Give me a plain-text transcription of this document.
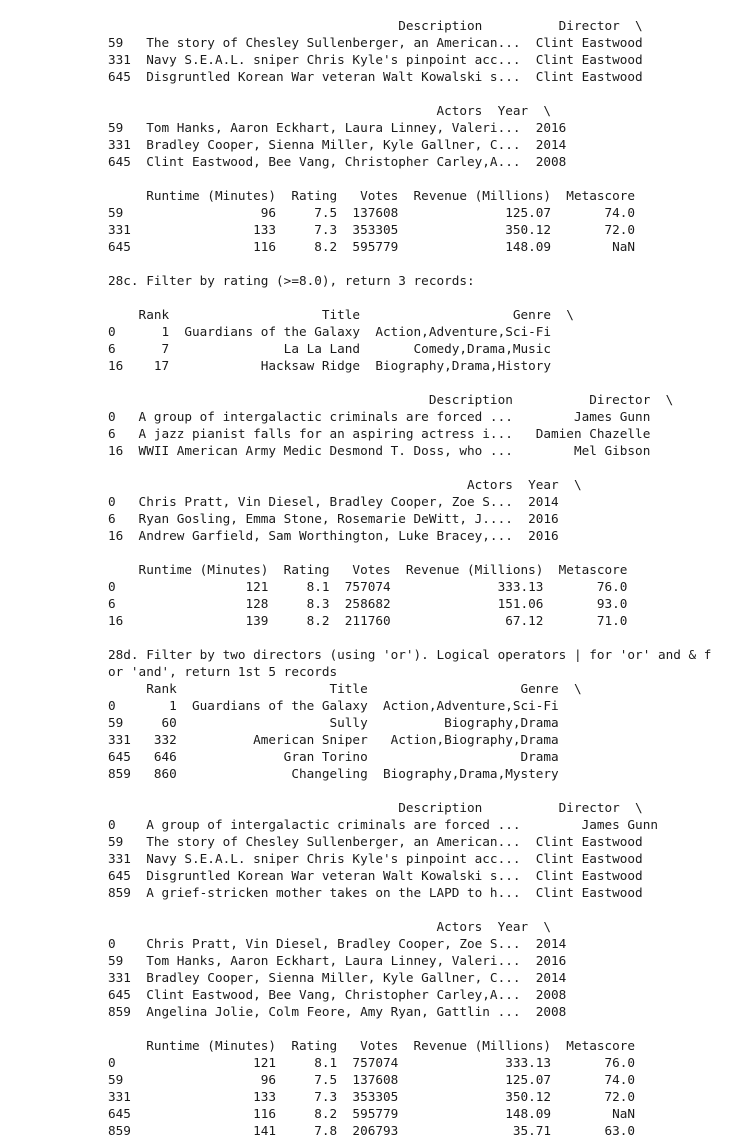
Description          Director  \
59   The story of Chesley Sullenberger, an American...  Clint Eastwood
331  Navy S.E.A.L. sniper Chris Kyle's pinpoint acc...  Clint Eastwood
645  Disgruntled Korean War veteran Walt Kowalski s...  Clint Eastwood
Actors  Year  \
59   Tom Hanks, Aaron Eckhart, Laura Linney, Valeri...  2016
331  Bradley Cooper, Sienna Miller, Kyle Gallner, C...  2014
645  Clint Eastwood, Bee Vang, Christopher Carley,A...  2008
Runtime (Minutes)  Rating   Votes  Revenue (Millions)  Metascore
59                  96     7.5  137608              125.07       74.0
331                133     7.3  353305              350.12       72.0
645                116     8.2  595779              148.09        NaN
28c. Filter by rating (>=8.0), return 3 records:
Rank                    Title                    Genre  \
0      1  Guardians of the Galaxy  Action,Adventure,Sci-Fi
6      7               La La Land       Comedy,Drama,Music
16    17            Hacksaw Ridge  Biography,Drama,History
Description          Director  \
0   A group of intergalactic criminals are forced ...        James Gunn
6   A jazz pianist falls for an aspiring actress i...   Damien Chazelle
16  WWII American Army Medic Desmond T. Doss, who ...        Mel Gibson
Actors  Year  \
0   Chris Pratt, Vin Diesel, Bradley Cooper, Zoe S...  2014
6   Ryan Gosling, Emma Stone, Rosemarie DeWitt, J....  2016
16  Andrew Garfield, Sam Worthington, Luke Bracey,...  2016
Runtime (Minutes)  Rating   Votes  Revenue (Millions)  Metascore
0                 121     8.1  757074              333.13       76.0
6                 128     8.3  258682              151.06       93.0
16                139     8.2  211760               67.12       71.0
28d. Filter by two directors (using 'or'). Logical operators | for 'or' and & f
or 'and', return 1st 5 records
Rank                    Title                    Genre  \
0       1  Guardians of the Galaxy  Action,Adventure,Sci-Fi
59     60                    Sully          Biography,Drama
331   332          American Sniper   Action,Biography,Drama
645   646              Gran Torino                    Drama
859   860               Changeling  Biography,Drama,Mystery
Description          Director  \
0    A group of intergalactic criminals are forced ...        James Gunn
59   The story of Chesley Sullenberger, an American...  Clint Eastwood
331  Navy S.E.A.L. sniper Chris Kyle's pinpoint acc...  Clint Eastwood
645  Disgruntled Korean War veteran Walt Kowalski s...  Clint Eastwood
859  A grief-stricken mother takes on the LAPD to h...  Clint Eastwood
Actors  Year  \
0    Chris Pratt, Vin Diesel, Bradley Cooper, Zoe S...  2014
59   Tom Hanks, Aaron Eckhart, Laura Linney, Valeri...  2016
331  Bradley Cooper, Sienna Miller, Kyle Gallner, C...  2014
645  Clint Eastwood, Bee Vang, Christopher Carley,A...  2008
859  Angelina Jolie, Colm Feore, Amy Ryan, Gattlin ...  2008
Runtime (Minutes)  Rating   Votes  Revenue (Millions)  Metascore
0                  121     8.1  757074              333.13       76.0
59                  96     7.5  137608              125.07       74.0
331                133     7.3  353305              350.12       72.0
645                116     8.2  595779              148.09        NaN
859                141     7.8  206793               35.71       63.0
